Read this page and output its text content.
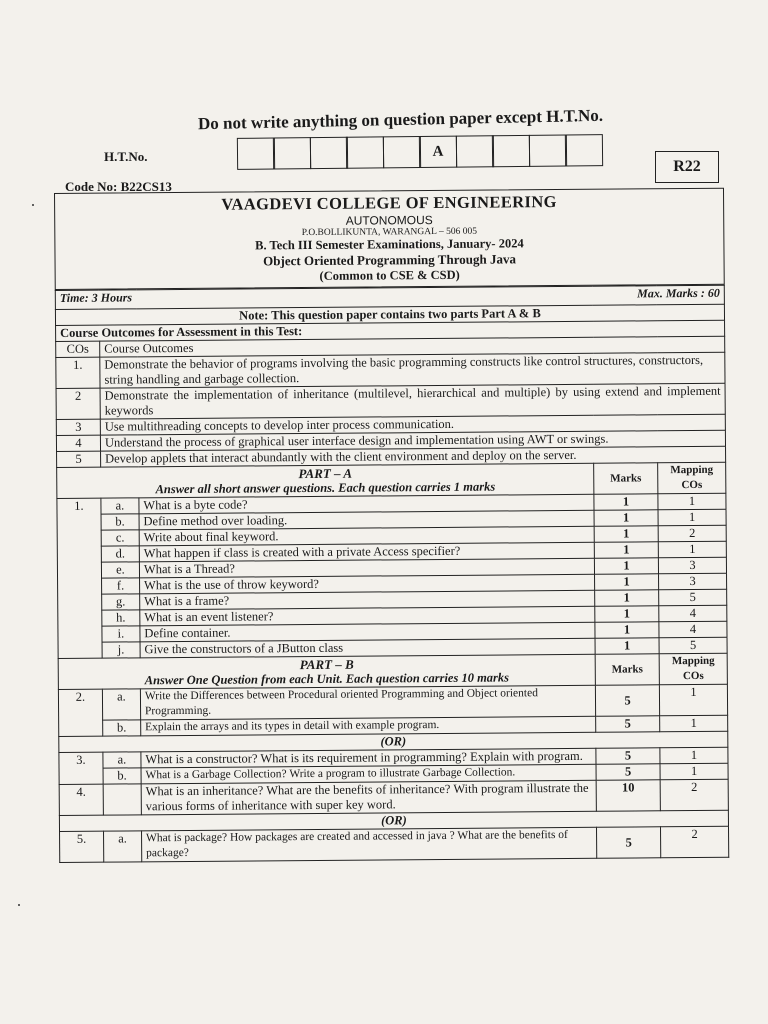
Do not write anything on question paper except H.T.No.
H.T.No.	A
R22
Code No: B22CS13
VAAGDEVI COLLEGE OF ENGINEERING
AUTONOMOUS
P.O.BOLLIKUNTA, WARANGAL – 506 005
B. Tech III Semester Examinations, January- 2024
Object Oriented Programming Through Java
(Common to CSE & CSD)
Time: 3 Hours			Max. Marks : 60	
Note: This question paper contains two parts Part A & B				
Course Outcomes for Assessment in this Test:				
COs	Course Outcomes			
1.	Demonstrate the behavior of programs involving the basic programming constructs like control structures, constructors, string handling and garbage collection.			
2	Demonstrate the implementation of inheritance (multilevel, hierarchical and multiple) by using extend and implement keywords			
3	Use multithreading concepts to develop inter process communication.			
4	Understand the process of graphical user interface design and implementation using AWT or swings.			
5	Develop applets that interact abundantly with the client environment and deploy on the server.			

PART – A
Answer all short answer questions. Each question carries 1 marks			Marks	Mapping COs
1.	a.	What is a byte code?	1	1
	b.	Define method over loading.	1	1
	c.	Write about final keyword.	1	2
	d.	What happen if class is created with a private Access specifier?	1	1
	e.	What is a Thread?	1	3
	f.	What is the use of throw keyword?	1	3
	g.	What is a frame?	1	5
	h.	What is an event listener?	1	4
	i.	Define container.	1	4
	j.	Give the constructors of a JButton class	1	5

PART – B
Answer One Question from each Unit. Each question carries 10 marks			Marks	Mapping COs
2.	a.	Write the Differences between Procedural oriented Programming and Object oriented Programming.	5	1
	b.	Explain the arrays and its types in detail with example program.	5	1
(OR)				
3.	a.	What is a constructor? What is its requirement in programming? Explain with program.	5	1
	b.	What is a Garbage Collection? Write a program to illustrate Garbage Collection.	5	1
4.		What is an inheritance? What are the benefits of inheritance? With program illustrate the various forms of inheritance with super key word.	10	2
(OR)				
5.	a.	What is package? How packages are created and accessed in java ? What are the benefits of package?	5	2
